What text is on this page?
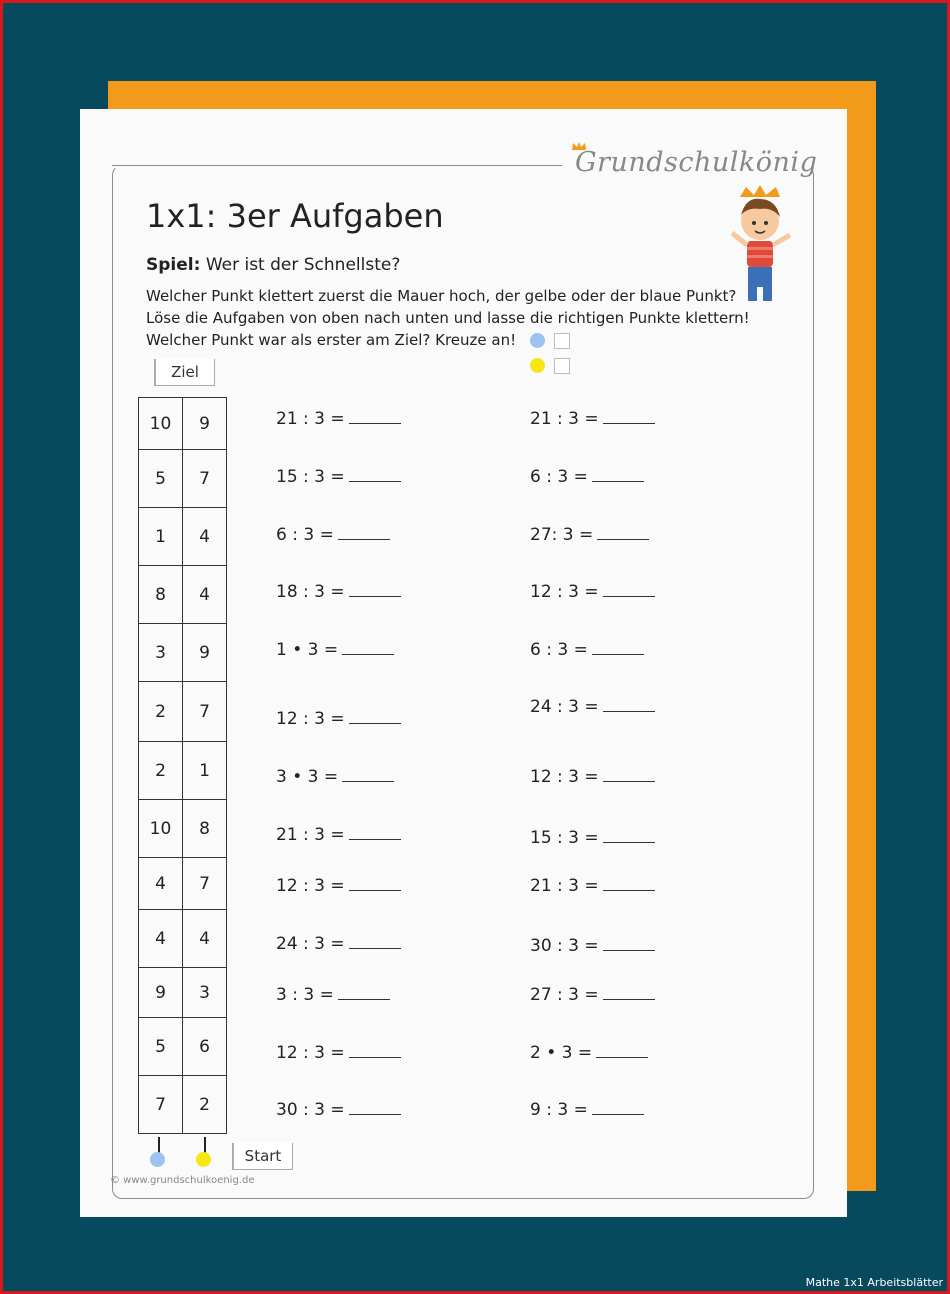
Grundschulkönig
1x1: 3er Aufgaben
Spiel: Wer ist der Schnellste?
Welcher Punkt klettert zuerst die Mauer hoch, der gelbe oder der blaue Punkt?
Löse die Aufgaben von oben nach unten und lasse die richtigen Punkte klettern!
Welcher Punkt war als erster am Ziel? Kreuze an!
Ziel
10	9
5	7
1	4
8	4
3	9
2	7
2	1
10	8
4	7
4	4
9	3
5	6
7	2
21 : 3 =
15 : 3 =
6 : 3 =
18 : 3 =
1 • 3 =
12 : 3 =
3 • 3 =
21 : 3 =
12 : 3 =
24 : 3 =
3 : 3 =
12 : 3 =
30 : 3 =
21 : 3 =
6 : 3 =
27: 3 =
12 : 3 =
6 : 3 =
24 : 3 =
12 : 3 =
15 : 3 =
21 : 3 =
30 : 3 =
27 : 3 =
2 • 3 =
9 : 3 =
Start
© www.grundschulkoenig.de
Mathe 1x1 Arbeitsblätter
